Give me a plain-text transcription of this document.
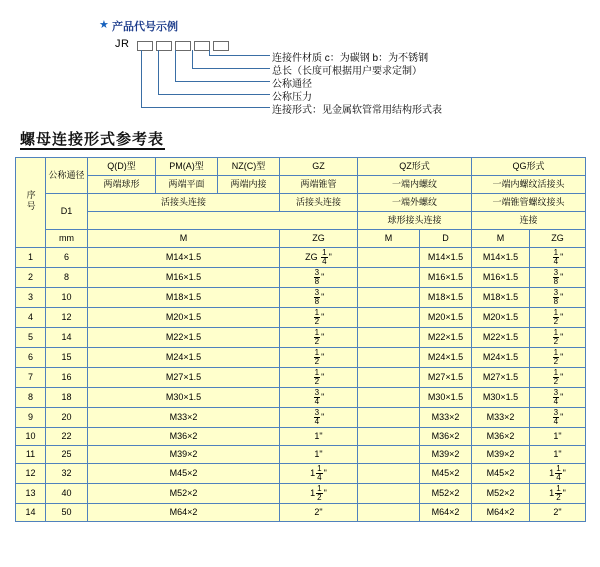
★ 产品代号示例
JR
连接件材质 c：为碳钢 b：为不锈钢
总长（长度可根据用户要求定制）
公称通径
公称压力
连接形式：见金属软管常用结构形式表
螺母连接形式参考表
序号	公称通径	Q(D)型	PM(A)型	NZ(C)型	GZ	QZ形式		QG形式	
		两端球形	两端平面	两端内接	两端锥管	一端内螺纹		一端内螺纹活接头	
	D1	活接头连接			活接头连接	一端外螺纹		一端锥管螺纹接头	
						球形接头连接		连接	
	mm	M			ZG	M	D	M	ZG
1	6	M14×1.5			ZG $\frac{1}{4}$ "		M14×1.5	M14×1.5	$\frac{1}{4}$ "
2	8	M16×1.5			$\frac{3}{8}$ "		M16×1.5	M16×1.5	$\frac{3}{8}$ "
3	10	M18×1.5			$\frac{3}{8}$ "		M18×1.5	M18×1.5	$\frac{3}{8}$ "
4	12	M20×1.5			$\frac{1}{2}$ "		M20×1.5	M20×1.5	$\frac{1}{2}$ "
5	14	M22×1.5			$\frac{1}{2}$ "		M22×1.5	M22×1.5	$\frac{1}{2}$ "
6	15	M24×1.5			$\frac{1}{2}$ "		M24×1.5	M24×1.5	$\frac{1}{2}$ "
7	16	M27×1.5			$\frac{1}{2}$ "		M27×1.5	M27×1.5	$\frac{1}{2}$ "
8	18	M30×1.5			$\frac{3}{4}$ "		M30×1.5	M30×1.5	$\frac{3}{4}$ "
9	20	M33×2			$\frac{3}{4}$ "		M33×2	M33×2	$\frac{3}{4}$ "
10	22	M36×2			1"		M36×2	M36×2	1"
11	25	M39×2			1"		M39×2	M39×2	1"
12	32	M45×2			$1 \frac{1}{4}$ "		M45×2	M45×2	$1 \frac{1}{4}$ "
13	40	M52×2			$1 \frac{1}{2}$ "		M52×2	M52×2	$1 \frac{1}{2}$ "
14	50	M64×2			2"		M64×2	M64×2	2"
